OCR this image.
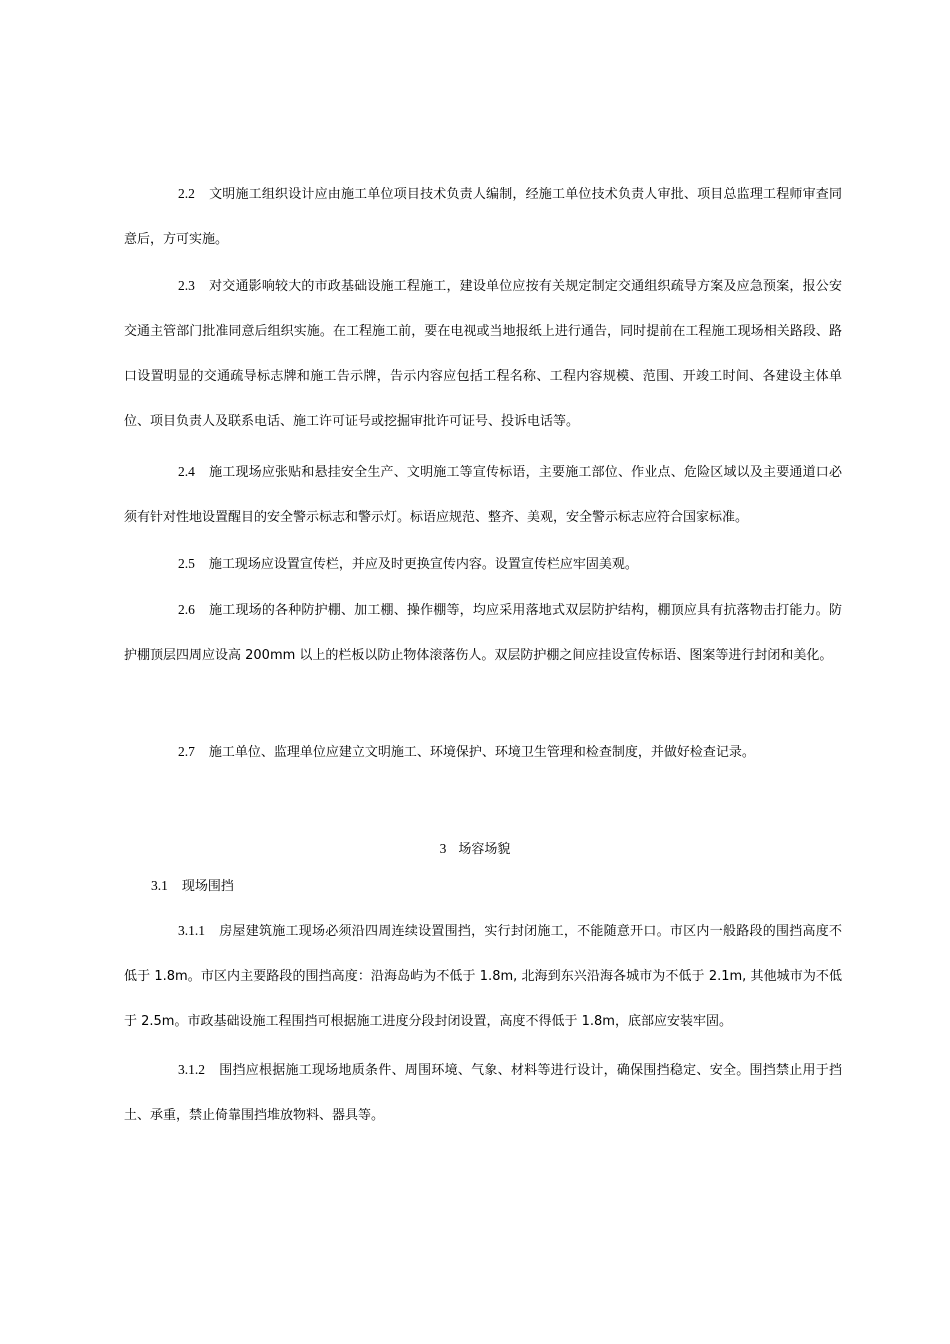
2.2 文明施工组织设计应由施工单位项目技术负责人编制，经施工单位技术负责人审批、项目总监理工程师审查同意后，方可实施。

2.3 对交通影响较大的市政基础设施工程施工，建设单位应按有关规定制定交通组织疏导方案及应急预案，报公安交通主管部门批准同意后组织实施。在工程施工前，要在电视或当地报纸上进行通告，同时提前在工程施工现场相关路段、路口设置明显的交通疏导标志牌和施工告示牌，告示内容应包括工程名称、工程内容规模、范围、开竣工时间、各建设主体单位、项目负责人及联系电话、施工许可证号或挖掘审批许可证号、投诉电话等。

2.4 施工现场应张贴和悬挂安全生产、文明施工等宣传标语，主要施工部位、作业点、危险区域以及主要通道口必须有针对性地设置醒目的安全警示标志和警示灯。标语应规范、整齐、美观，安全警示标志应符合国家标准。

2.5 施工现场应设置宣传栏，并应及时更换宣传内容。设置宣传栏应牢固美观。

2.6 施工现场的各种防护棚、加工棚、操作棚等，均应采用落地式双层防护结构，棚顶应具有抗落物击打能力。防护棚顶层四周应设高 200mm 以上的栏板以防止物体滚落伤人。双层防护棚之间应挂设宣传标语、图案等进行封闭和美化。

2.7 施工单位、监理单位应建立文明施工、环境保护、环境卫生管理和检查制度，并做好检查记录。

3 场容场貌

3.1 现场围挡

3.1.1 房屋建筑施工现场必须沿四周连续设置围挡，实行封闭施工，不能随意开口。市区内一般路段的围挡高度不低于 1.8m。市区内主要路段的围挡高度：沿海岛屿为不低于 1.8m, 北海到东兴沿海各城市为不低于 2.1m, 其他城市为不低于 2.5m。市政基础设施工程围挡可根据施工进度分段封闭设置，高度不得低于 1.8m，底部应安装牢固。

3.1.2 围挡应根据施工现场地质条件、周围环境、气象、材料等进行设计，确保围挡稳定、安全。围挡禁止用于挡土、承重，禁止倚靠围挡堆放物料、器具等。
